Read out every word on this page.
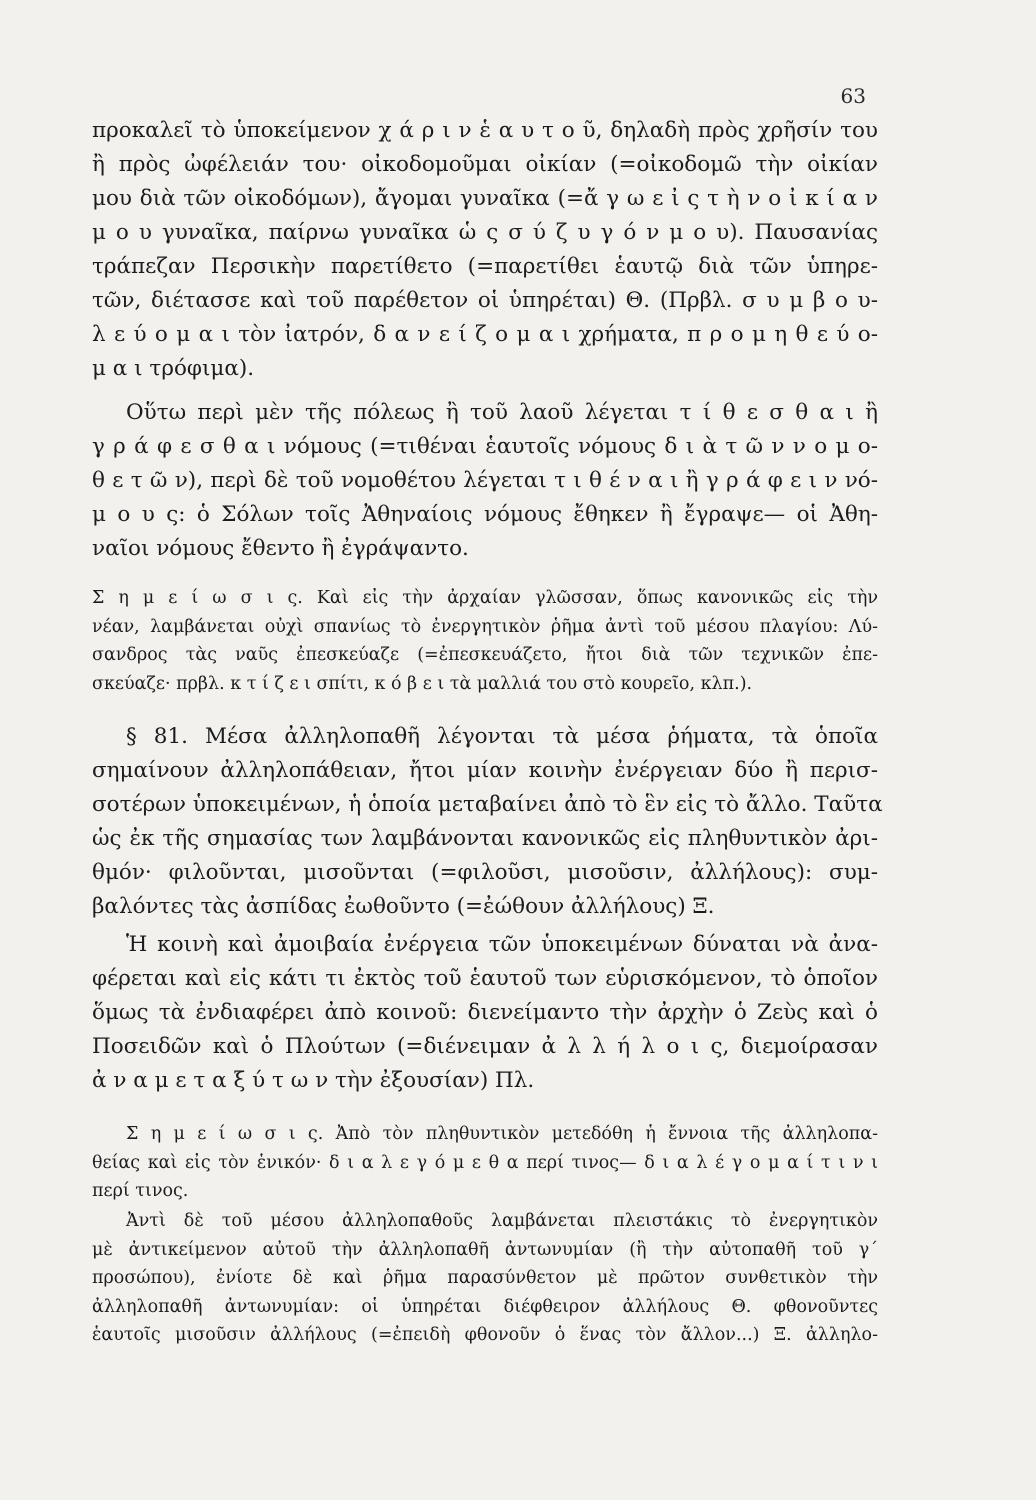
63
προκαλεῖ τὸ ὑποκείμενον χ ά ρ ι ν ἑ α υ τ ο ῦ, δηλαδὴ πρὸς χρῆσίν του
ἢ πρὸς ὠφέλειάν του· οἰκοδομοῦμαι οἰκίαν (=οἰκοδομῶ τὴν οἰκίαν
μου διὰ τῶν οἰκοδόμων), ἄγομαι γυναῖκα (=ἄ γ ω ε ἰ ς τ ὴ ν ο ἰ κ ί α ν
μ ο υ γυναῖκα, παίρνω γυναῖκα ὡ ς σ ύ ζ υ γ ό ν μ ο υ). Παυσανίας
τράπεζαν Περσικὴν παρετίθετο (=παρετίθει ἑαυτῷ διὰ τῶν ὑπηρε-
τῶν, διέτασσε καὶ τοῦ παρέθετον οἱ ὑπηρέται) Θ. (Πρβλ. σ υ μ β ο υ-
λ ε ύ ο μ α ι τὸν ἰατρόν, δ α ν ε ί ζ ο μ α ι χρήματα, π ρ ο μ η θ ε ύ ο-
μ α ι τρόφιμα).
Οὕτω περὶ μὲν τῆς πόλεως ἢ τοῦ λαοῦ λέγεται τ ί θ ε σ θ α ι ἢ
γ ρ ά φ ε σ θ α ι νόμους (=τιθέναι ἑαυτοῖς νόμους δ ι ὰ τ ῶ ν ν ο μ ο-
θ ε τ ῶ ν), περὶ δὲ τοῦ νομοθέτου λέγεται τ ι θ έ ν α ι ἢ γ ρ ά φ ε ι ν νό-
μ ο υ ς: ὁ Σόλων τοῖς Ἀθηναίοις νόμους ἔθηκεν ἢ ἔγραψε— οἱ Ἀθη-
ναῖοι νόμους ἔθεντο ἢ ἐγράψαντο.
Σ η μ ε ί ω σ ι ς. Καὶ εἰς τὴν ἀρχαίαν γλῶσσαν, ὅπως κανονικῶς εἰς τὴν
νέαν, λαμβάνεται οὐχὶ σπανίως τὸ ἐνεργητικὸν ῥῆμα ἀντὶ τοῦ μέσου πλαγίου: Λύ-
σανδρος τὰς ναῦς ἐπεσκεύαζε (=ἐπεσκευάζετο, ἤτοι διὰ τῶν τεχνικῶν ἐπε-
σκεύαζε· πρβλ. κ τ ί ζ ε ι σπίτι, κ ό β ε ι τὰ μαλλιά του στὸ κουρεῖο, κλπ.).
§ 81. Μέσα ἀλληλοπαθῆ λέγονται τὰ μέσα ῥήματα, τὰ ὁποῖα
σημαίνουν ἀλληλοπάθειαν, ἤτοι μίαν κοινὴν ἐνέργειαν δύο ἢ περισ-
σοτέρων ὑποκειμένων, ἡ ὁποία μεταβαίνει ἀπὸ τὸ ἓν εἰς τὸ ἄλλο. Ταῦτα
ὡς ἐκ τῆς σημασίας των λαμβάνονται κανονικῶς εἰς πληθυντικὸν ἀρι-
θμόν· φιλοῦνται, μισοῦνται (=φιλοῦσι, μισοῦσιν, ἀλλήλους): συμ-
βαλόντες τὰς ἀσπίδας ἐωθοῦντο (=ἐώθουν ἀλλήλους) Ξ.
Ἡ κοινὴ καὶ ἀμοιβαία ἐνέργεια τῶν ὑποκειμένων δύναται νὰ ἀνα-
φέρεται καὶ εἰς κάτι τι ἐκτὸς τοῦ ἑαυτοῦ των εὑρισκόμενον, τὸ ὁποῖον
ὅμως τὰ ἐνδιαφέρει ἀπὸ κοινοῦ: διενείμαντο τὴν ἀρχὴν ὁ Ζεὺς καὶ ὁ
Ποσειδῶν καὶ ὁ Πλούτων (=διένειμαν ἀ λ λ ή λ ο ι ς, διεμοίρασαν
ἀ ν α μ ε τ α ξ ύ τ ω ν τὴν ἐξουσίαν) Πλ.
Σ η μ ε ί ω σ ι ς. Ἀπὸ τὸν πληθυντικὸν μετεδόθη ἡ ἔννοια τῆς ἀλληλοπα-
θείας καὶ εἰς τὸν ἑνικόν· δ ι α λ ε γ ό μ ε θ α περί τινος— δ ι α λ έ γ ο μ α ί τ ι ν ι
περί τινος.
Ἀντὶ δὲ τοῦ μέσου ἀλληλοπαθοῦς λαμβάνεται πλειστάκις τὸ ἐνεργητικὸν
μὲ ἀντικείμενον αὐτοῦ τὴν ἀλληλοπαθῆ ἀντωνυμίαν (ἢ τὴν αὐτοπαθῆ τοῦ γ΄
προσώπου), ἐνίοτε δὲ καὶ ῥῆμα παρασύνθετον μὲ πρῶτον συνθετικὸν τὴν
ἀλληλοπαθῆ ἀντωνυμίαν: οἱ ὑπηρέται διέφθειρον ἀλλήλους Θ. φθονοῦντες
ἑαυτοῖς μισοῦσιν ἀλλήλους (=ἐπειδὴ φθονοῦν ὁ ἕνας τὸν ἄλλον...) Ξ. ἀλληλο-
